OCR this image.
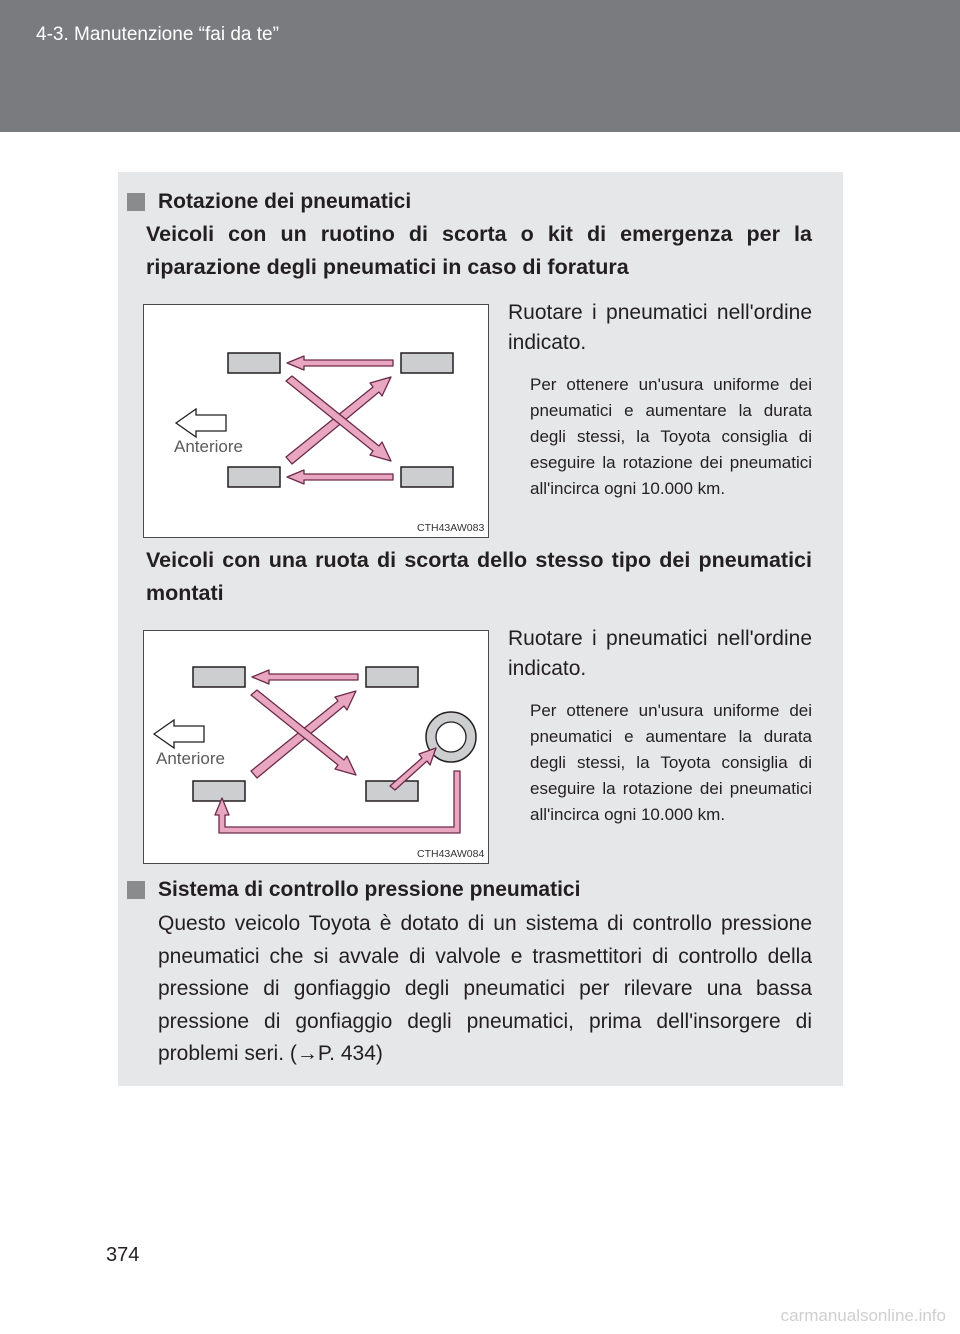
4-3. Manutenzione “fai da te”
Rotazione dei pneumatici
Veicoli con un ruotino di scorta o kit di emergenza per la riparazione degli pneumatici in caso di foratura
Anteriore
CTH43AW083
Ruotare i pneumatici nell'ordine indicato.
Per ottenere un'usura uniforme dei pneumatici e aumentare la durata degli stessi, la Toyota consiglia di eseguire la rotazione dei pneumatici all'incirca ogni 10.000 km.
Veicoli con una ruota di scorta dello stesso tipo dei pneumatici montati
Anteriore
CTH43AW084
Ruotare i pneumatici nell'ordine indicato.
Per ottenere un'usura uniforme dei pneumatici e aumentare la durata degli stessi, la Toyota consiglia di eseguire la rotazione dei pneumatici all'incirca ogni 10.000 km.
Sistema di controllo pressione pneumatici
Questo veicolo Toyota è dotato di un sistema di controllo pressione pneumatici che si avvale di valvole e trasmettitori di controllo della pressione di gonfiaggio degli pneumatici per rilevare una bassa pressione di gonfiaggio degli pneumatici, prima dell'insorgere di problemi seri. (→P. 434)
374
carmanualsonline.info
